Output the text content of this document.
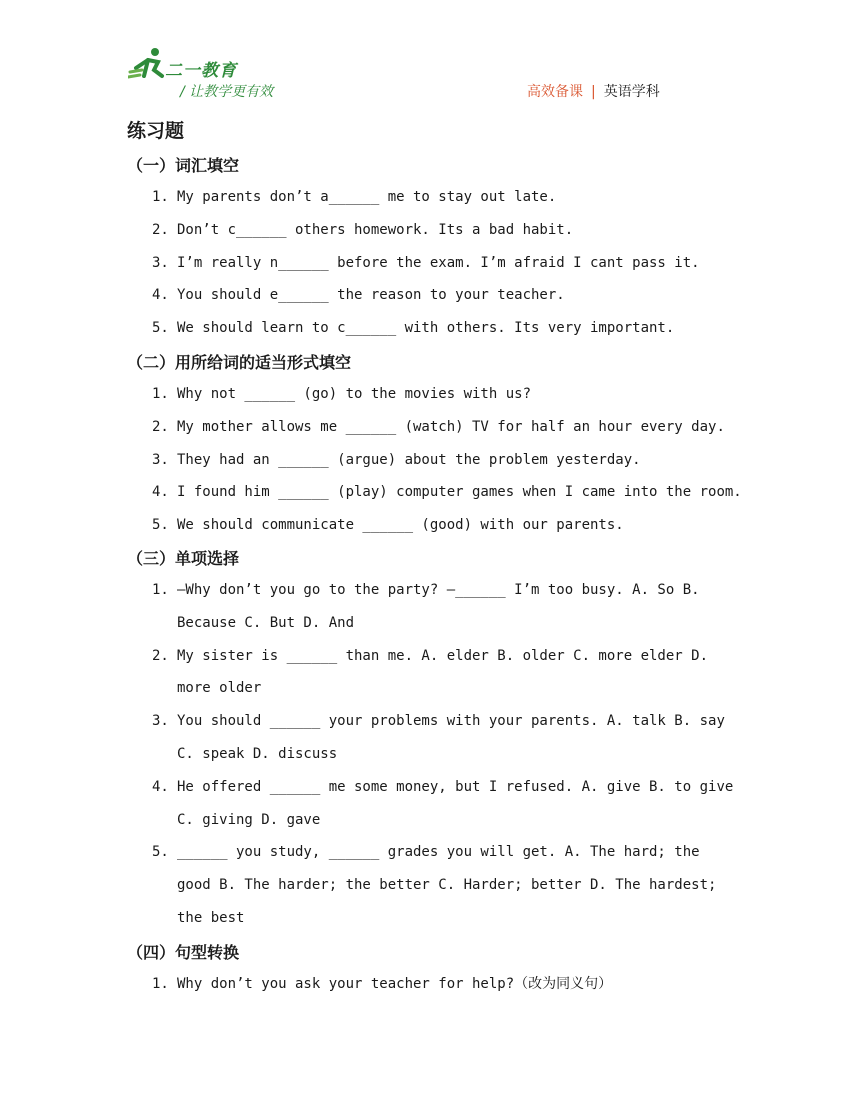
二一教育
/ 让教学更有效	高效备课 | 英语学科
练习题
（一）词汇填空
1. My parents don’t a______ me to stay out late.
2. Don’t c______ others homework. Its a bad habit.
3. I’m really n______ before the exam. I’m afraid I cant pass it.
4. You should e______ the reason to your teacher.
5. We should learn to c______ with others. Its very important.
（二）用所给词的适当形式填空
1. Why not ______ (go) to the movies with us?
2. My mother allows me ______ (watch) TV for half an hour every day.
3. They had an ______ (argue) about the problem yesterday.
4. I found him ______ (play) computer games when I came into the room.
5. We should communicate ______ (good) with our parents.
（三）单项选择
1. —Why don’t you go to the party? —______ I’m too busy. A. So B.
Because C. But D. And
2. My sister is ______ than me. A. elder B. older C. more elder D.
more older
3. You should ______ your problems with your parents. A. talk B. say
C. speak D. discuss
4. He offered ______ me some money, but I refused. A. give B. to give
C. giving D. gave
5. ______ you study, ______ grades you will get. A. The hard; the
good B. The harder; the better C. Harder; better D. The hardest;
the best
（四）句型转换
1. Why don’t you ask your teacher for help?（改为同义句）
